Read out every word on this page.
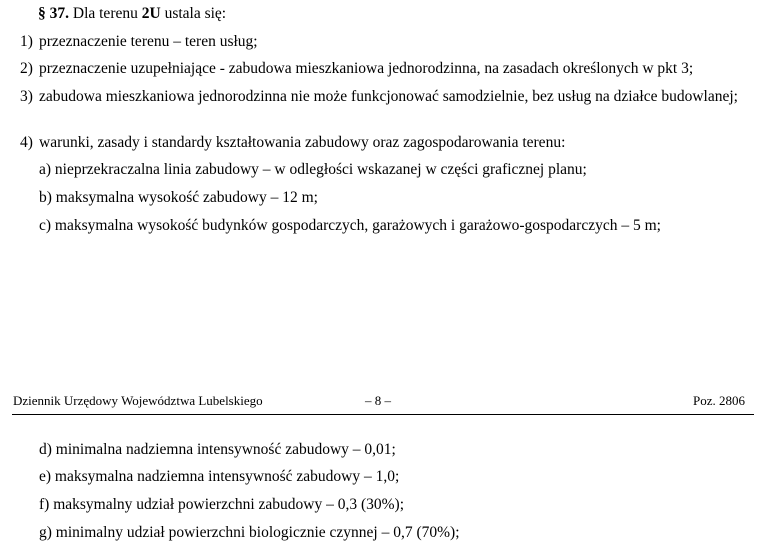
§ 37. Dla terenu 2U ustala się:
1) przeznaczenie terenu – teren usług;
2) przeznaczenie uzupełniające - zabudowa mieszkaniowa jednorodzinna, na zasadach określonych w pkt 3;
3) zabudowa mieszkaniowa jednorodzinna nie może funkcjonować samodzielnie, bez usług na działce budowlanej;
4) warunki, zasady i standardy kształtowania zabudowy oraz zagospodarowania terenu:
a) nieprzekraczalna linia zabudowy – w odległości wskazanej w części graficznej planu;
b) maksymalna wysokość zabudowy – 12 m;
c) maksymalna wysokość budynków gospodarczych, garażowych i garażowo-gospodarczych – 5 m;
Dziennik Urzędowy Województwa Lubelskiego	– 8 –	Poz. 2806
d) minimalna nadziemna intensywność zabudowy – 0,01;
e) maksymalna nadziemna intensywność zabudowy – 1,0;
f) maksymalny udział powierzchni zabudowy – 0,3 (30%);
g) minimalny udział powierzchni biologicznie czynnej – 0,7 (70%);
